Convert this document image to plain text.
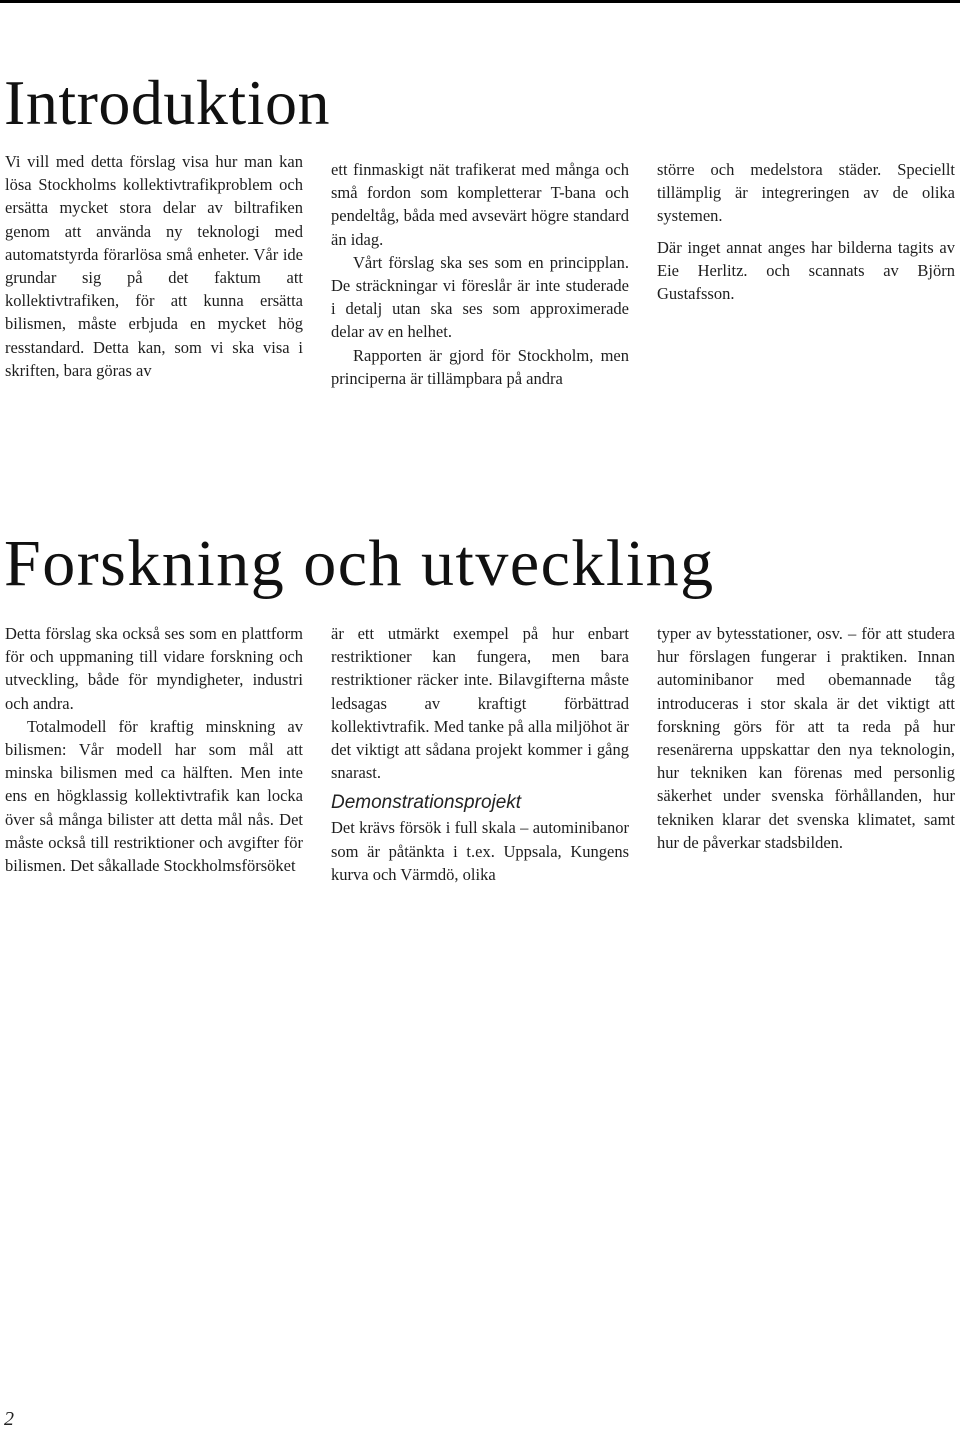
Introduktion

Vi vill med detta förslag visa hur man kan lösa Stockholms kollektivtrafikproblem och ersätta mycket stora delar av biltrafiken genom att använda ny teknologi med automatstyrda förarlösa små enheter. Vår ide grundar sig på det faktum att kollektivtrafiken, för att kunna ersätta bilismen, måste erbjuda en mycket hög resstandard. Detta kan, som vi ska visa i skriften, bara göras av

ett finmaskigt nät trafikerat med många och små fordon som kompletterar T-bana och pendeltåg, båda med avsevärt högre standard än idag.

Vårt förslag ska ses som en principplan. De sträckningar vi föreslår är inte studerade i detalj utan ska ses som approximerade delar av en helhet.

Rapporten är gjord för Stockholm, men principerna är tillämpbara på andra

större och medelstora städer. Speciellt tillämplig är integreringen av de olika systemen.

Där inget annat anges har bilderna tagits av Eie Herlitz. och scannats av Björn Gustafsson.

Forskning och utveckling

Detta förslag ska också ses som en plattform för och uppmaning till vidare forskning och utveckling, både för myndigheter, industri och andra.

Totalmodell för kraftig minskning av bilismen: Vår modell har som mål att minska bilismen med ca hälften. Men inte ens en högklassig kollektivtrafik kan locka över så många bilister att detta mål nås. Det måste också till restriktioner och avgifter för bilismen. Det såkallade Stockholmsförsöket

är ett utmärkt exempel på hur enbart restriktioner kan fungera, men bara restriktioner räcker inte. Bilavgifterna måste ledsagas av kraftigt förbättrad kollektivtrafik. Med tanke på alla miljöhot är det viktigt att sådana projekt kommer i gång snarast.

Demonstrationsprojekt

Det krävs försök i full skala – autominibanor som är påtänkta i t.ex. Uppsala, Kungens kurva och Värmdö, olika

typer av bytesstationer, osv. – för att studera hur förslagen fungerar i praktiken. Innan autominibanor med obemannade tåg introduceras i stor skala är det viktigt att forskning görs för att ta reda på hur resenärerna uppskattar den nya teknologin, hur tekniken kan förenas med personlig säkerhet under svenska förhållanden, hur tekniken klarar det svenska klimatet, samt hur de påverkar stadsbilden.

2
